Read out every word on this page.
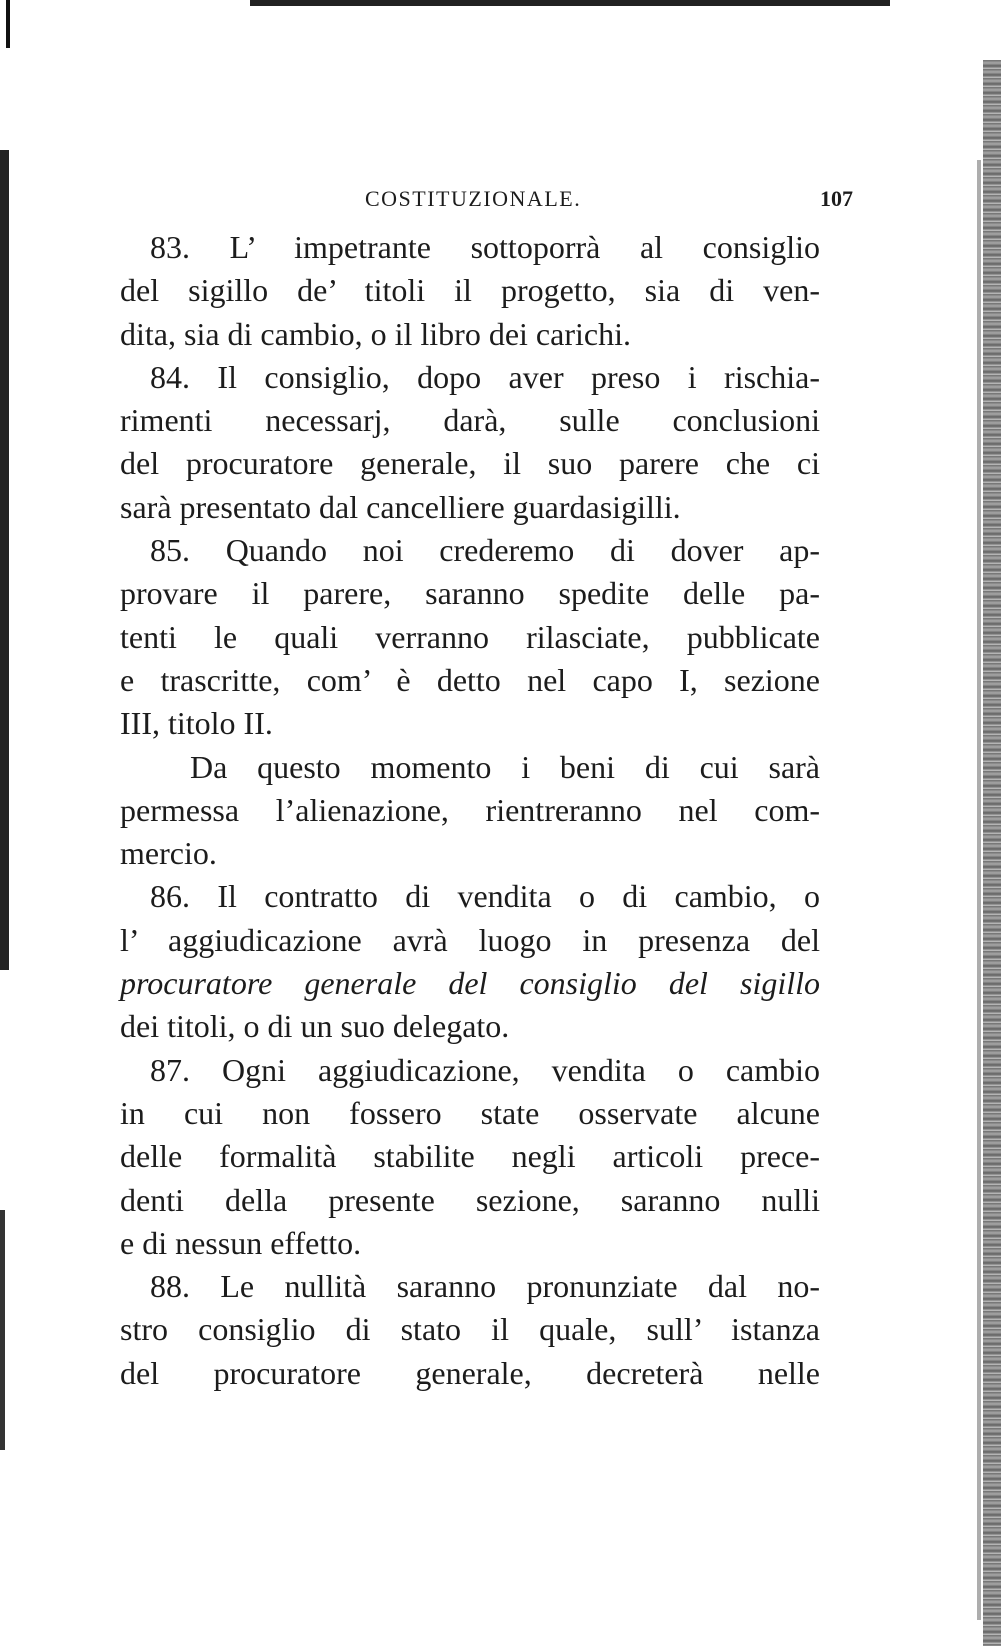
COSTITUZIONALE.	107
83. L’ impetrante sottoporrà al consiglio
del sigillo de’ titoli il progetto, sia di ven-
dita, sia di cambio, o il libro dei carichi.
84. Il consiglio, dopo aver preso i rischia-
rimenti necessarj, darà, sulle conclusioni
del procuratore generale, il suo parere che ci
sarà presentato dal cancelliere guardasigilli.
85. Quando noi crederemo di dover ap-
provare il parere, saranno spedite delle pa-
tenti le quali verranno rilasciate, pubblicate
e trascritte, com’ è detto nel capo I, sezione
III, titolo II.
Da questo momento i beni di cui sarà
permessa l’alienazione, rientreranno nel com-
mercio.
86. Il contratto di vendita o di cambio, o
l’ aggiudicazione avrà luogo in presenza del
procuratore generale del consiglio del sigillo
dei titoli, o di un suo delegato.
87. Ogni aggiudicazione, vendita o cambio
in cui non fossero state osservate alcune
delle formalità stabilite negli articoli prece-
denti della presente sezione, saranno nulli
e di nessun effetto.
88. Le nullità saranno pronunziate dal no-
stro consiglio di stato il quale, sull’ istanza
del procuratore generale, decreterà nelle
